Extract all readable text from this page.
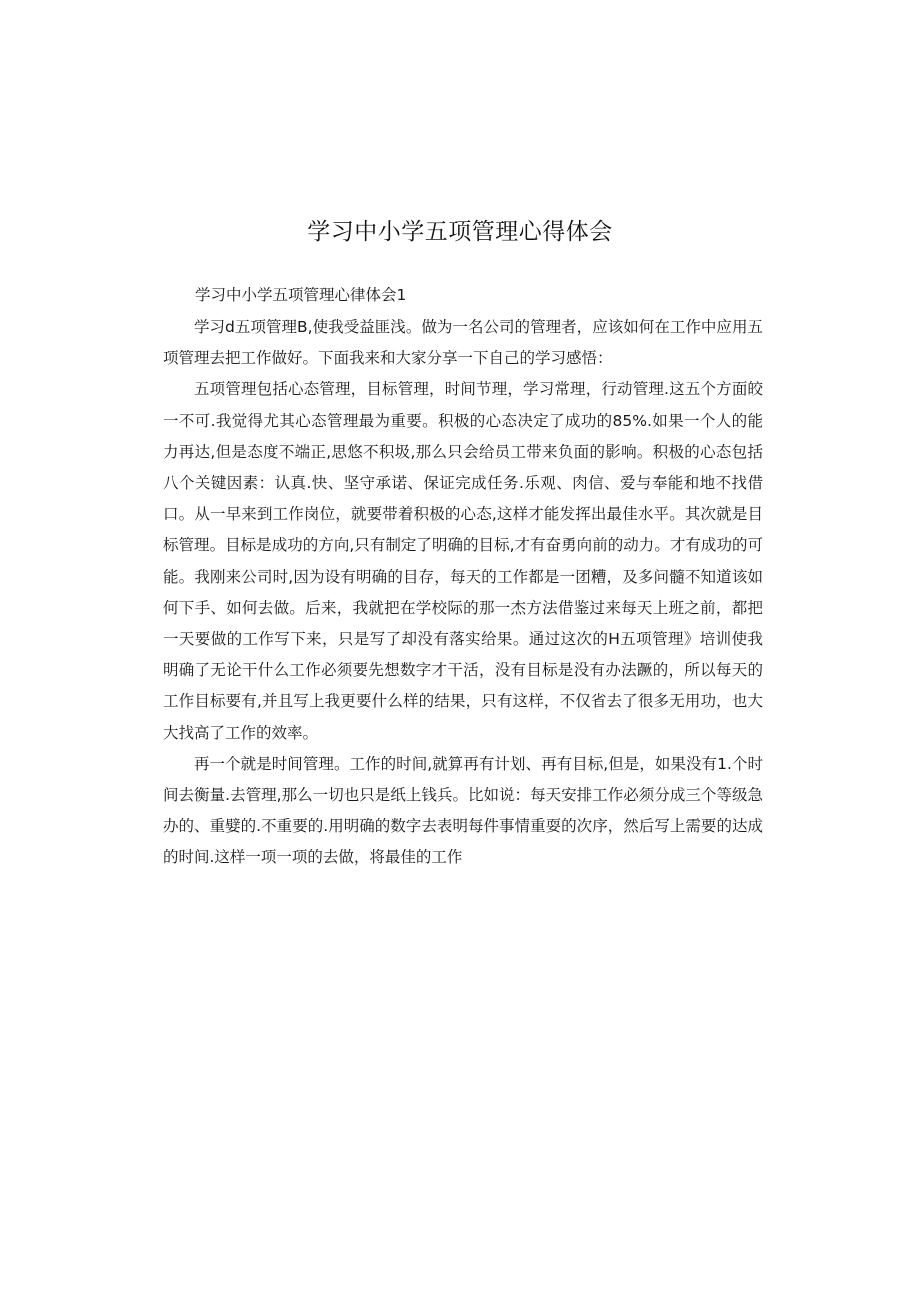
学习中小学五项管理心得体会

学习中小学五项管理心律体会1

学习d五项管理B,使我受益匪浅。做为一名公司的管理者，应该如何在工作中应用五项管理去把工作做好。下面我来和大家分享一下自己的学习感悟：

五项管理包括心态管理，目标管理，时间节理，学习常理，行动管理.这五个方面皎一不可.我觉得尤其心态管理最为重要。积极的心态决定了成功的85%.如果一个人的能力再达,但是态度不端正,思悠不积圾,那么只会给员工带来负面的影响。积极的心态包括八个关键因素：认真.快、坚守承诺、保证完成任务.乐观、肉信、爱与奉能和地不找借口。从一早来到工作岗位，就要带着积极的心态,这样才能发挥出最佳水平。其次就是目标管理。目标是成功的方向,只有制定了明确的目标,才有奋勇向前的动力。才有成功的可能。我刚来公司时,因为设有明确的目存，每天的工作都是一团糟，及多问髓不知道该如何下手、如何去做。后来，我就把在学校际的那一杰方法借鉴过来每天上班之前，都把一天要做的工作写下来，只是写了却没有落实给果。通过这次的H五项管理》培训使我明确了无论干什么工作必须要先想数字才干活，没有目标是没有办法蹶的，所以每天的工作目标要有,并且写上我更要什么样的结果，只有这样，不仅省去了很多无用功，也大大找高了工作的效率。

再一个就是时间管理。工作的时间,就算再有计划、再有目标,但是，如果没有1.个时间去衡量.去管理,那么一切也只是纸上钱兵。比如说：每天安排工作必须分成三个等级急办的、重嬖的.不重要的.用明确的数字去表明每件事情重耍的次序，然后写上需要的达成的时间.这样一项一项的去做，将最佳的工作
